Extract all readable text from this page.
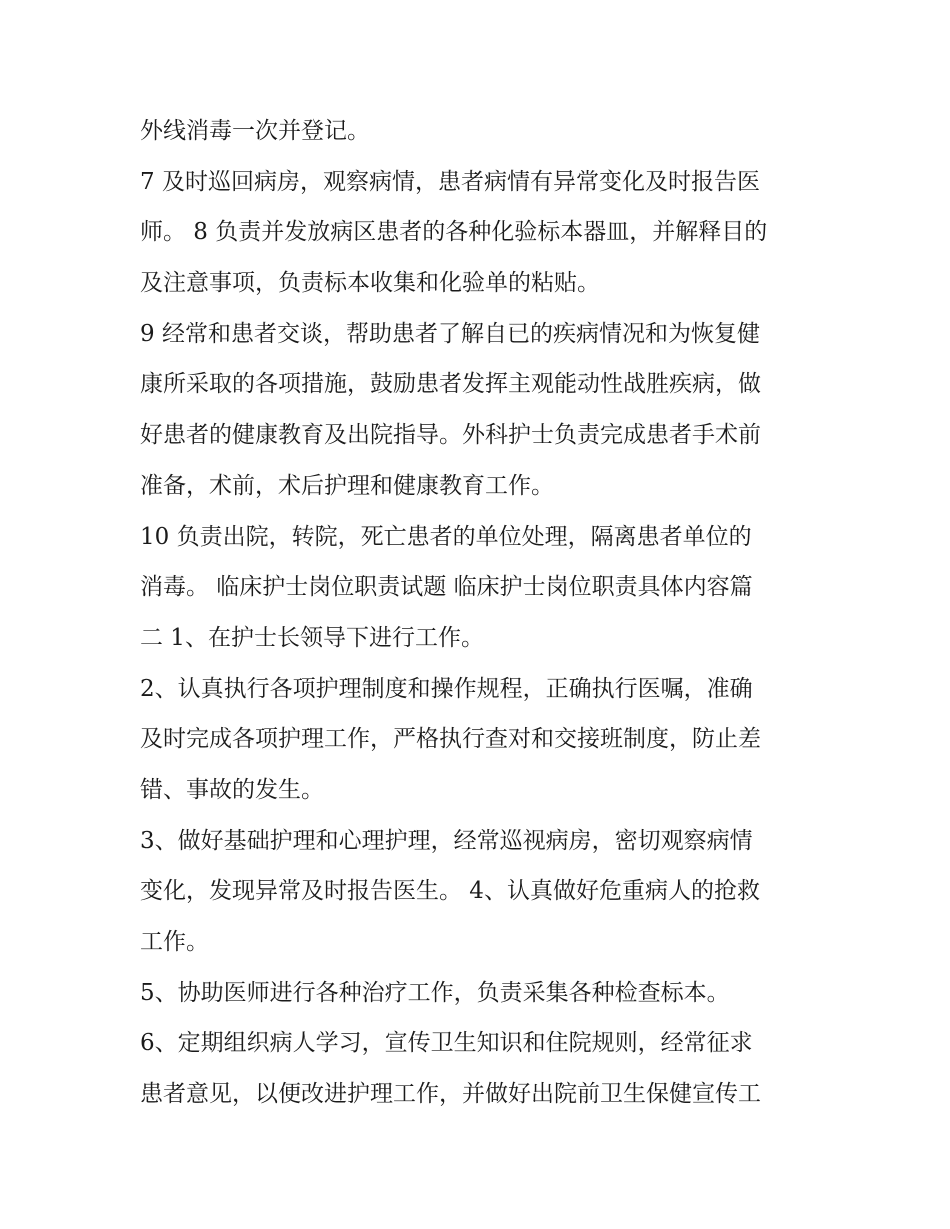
外线消毒一次并登记。
7 及时巡回病房，观察病情，患者病情有异常变化及时报告医
师。 8 负责并发放病区患者的各种化验标本器皿，并解释目的
及注意事项，负责标本收集和化验单的粘贴。
9 经常和患者交谈，帮助患者了解自已的疾病情况和为恢复健
康所采取的各项措施，鼓励患者发挥主观能动性战胜疾病，做
好患者的健康教育及出院指导。外科护士负责完成患者手术前
准备，术前，术后护理和健康教育工作。
10 负责出院，转院，死亡患者的单位处理，隔离患者单位的
消毒。 临床护士岗位职责试题 临床护士岗位职责具体内容篇
二 1、在护士长领导下进行工作。
2、认真执行各项护理制度和操作规程，正确执行医嘱，准确
及时完成各项护理工作，严格执行查对和交接班制度，防止差
错、事故的发生。
3、做好基础护理和心理护理，经常巡视病房，密切观察病情
变化，发现异常及时报告医生。 4、认真做好危重病人的抢救
工作。
5、协助医师进行各种治疗工作，负责采集各种检查标本。
6、定期组织病人学习，宣传卫生知识和住院规则，经常征求
患者意见，以便改进护理工作，并做好出院前卫生保健宣传工
